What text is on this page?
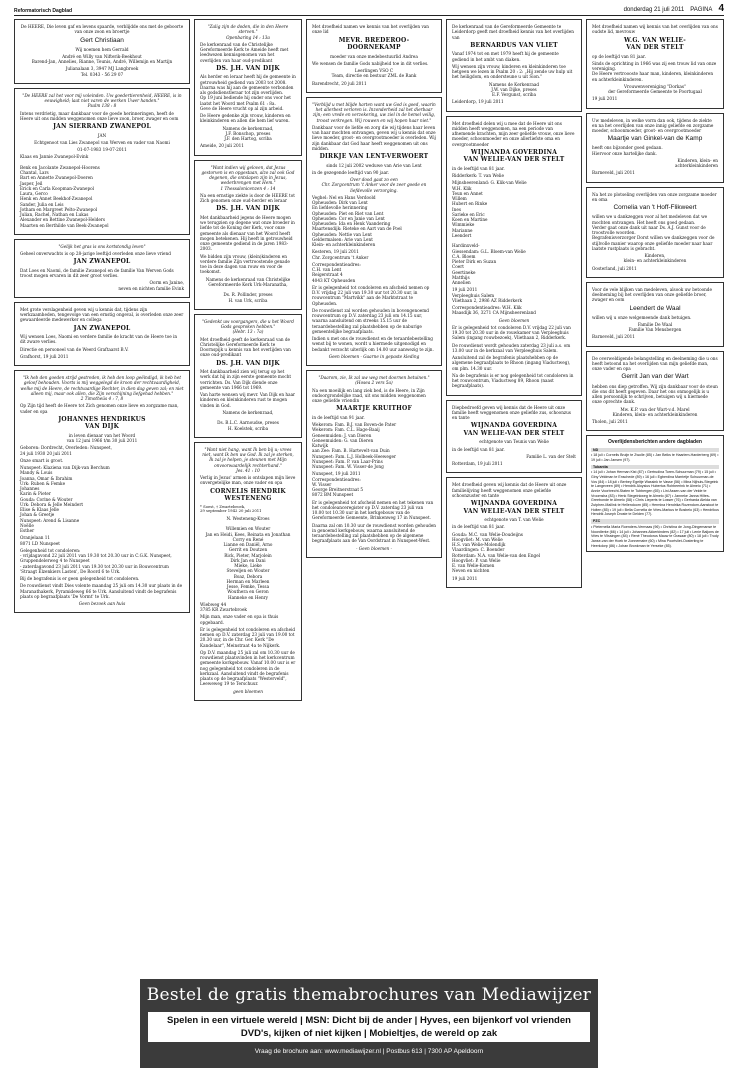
Reformatorisch Dagblad	donderdag 21 juli 2011 PAGINA 4

De HEERE, Die leven gaf en levens spaarde, verblijdde ons met de geboorte van onze zoon en broertje

Gert Christiaan

Wij noemen hem Gerrald

André en Willy van Nifterik-Beekhout
Barend-Jan, Annelies, Rianne, Teunis, André, Willemijn en Martijn

Julianalaan 3, 3947 MJ Langbroek
Tel. 0343 - 56 29 07

"De HEERE zal het voor mij voleinden. Uw goedertierenheid, HEERE, is in eeuwigheid; laat niet varen de werken Uwer handen."
Psalm 138 : 8

Intens verdrietig, maar dankbaar voor de goede herinneringen, heeft de Heere uit ons midden weggenomen onze lieve zoon, broer, zwager en oom

JAN SIERRAND ZWANEPOL

JAN

Echtgenoot van Lies Zwanepol van Werven en vader van Naomi

01-07-1983 19-07-2011

Klaas en Jannie Zwanepol-Evink

Benk en Jacolante Zwanepol-Hoorens
Chantal, Lars
Bart en Annette Zwanepol-Doeren
Jasper, Jeil
Erick en Carla Koopman-Zwanepol
Laura, Gerco
Henk en Annet Beekhof-Zwanepol
Sander, Julia en Leis
Jotham en Margreet Pelto-Zwanepol
Julian, Rachel, Nathan en Lukas
Alexander en Bettine Zwanepol-Helders
Maarten en Berthilde van Beek-Zwanepol

"Gelijk het gras is ons kortstondig leven"

Geheel onverwachts is op 28-jarige leeftijd overleden onze lieve vriend

JAN ZWANEPOL

Dat Loes en Naomi, de familie Zwanepol en de familie Van Werven Gods troost mogen ervaren in dit zeer groot verlies.

Oorm en Janine,
neven en nichten familie Evink

Met grote verslagenheid geven wij u kennis dat, tijdens zijn werkzaamheden, tengevolge van een ernstig ongeval, is overleden onze zeer gewaardeerde medewerker en collega

JAN ZWANEPOL

Wij wensen Loes, Naomi en verdere familie de kracht van de Heere toe in dit zware verlies.

Directie en personeel van de Weerd Graftaarst B.V.

Grafhorst, 19 juli 2011

"Ik heb den goeden strijd gestreden, ik heb den loop geëindigd, ik heb het geloof behouden. Voorts is mij weggelegd de kroon der rechtvaardigheid, welke mij de Heere, de rechtvaardige Rechter, in dien dag geven zal; en niet alleen mij, maar ook allen, die Zijn verschijning liefgehad hebben."
2 Timotheüs 4 : 7, 8

Op Zijn tijd heeft de Heere tot Zich genomen onze lieve en zorgzame man, vader en opa

JOHANNES HENDRIKUS
VAN DIJK

in leven dienaar van het Woord
van 12 juni 1966 t/m 30 juli 2011

Geboren: Dordrecht, Overleden: Nunspeet,
24 juli 1930 20 juli 2011

Onze smart is groot.

Nunspeet: Klaziena van Dijk-van Berchum
Mandy & Louis
Joanna, Omar & Ibrahim
Urk: Ruben & Femke
Johannes
Karin & Pieter
Gouda: Corine & Wouter
Urk: Debora & Jelle Meindert
Elise & Klaas Jelle
Johan & Greetje
Nunspeet: Arend & Lisanne
Noëlle
Esther

Oranjelaan 11
8071 LD Nunspeet

Gelegenheid tot condoleren:
- vrijdagavond 22 juli 2011 van 19.30 tot 20.30 uur in C.G.K. Nunspeet, Gruppendelerweg 4 te Nunspeet
- zaterdagavond 23 juli 2011 van 19.30 tot 20.30 uur in Bouwcentrum 'Straagt Elzenkiers Lasten', De Roord 6 te Urk.

Bij de begrafenis is er geen gelegenheid tot condoleren.

De rouwdienst vindt Dies volente maandag 25 juli om 14.30 uur plaats in de Maranathakerk, Pyramideweg 66 te Urk. Aansluitend vindt de begrafenis plaats op begraafplaats 'De Vormt' te Urk.

Geen bezoek aan huis

"Zalig zijn de doden, die in den Heere sterven."
Openbaring 14 : 13a

De kerkenraad van de Christelijke Gereformeerde Kerk te Ameide heeft met leedwezen kennisgenomen van het overlijden van haar oud-predikant

DS. J.H. VAN DIJK

Als herder en leraar heeft hij de gemeente in getrouwheid gediend van 2003 tot 2008. Daarna was hij aan de gemeente verbonden als godsdienstleraar tot zijn overlijden.
Op 19 juni bediende hij onder ons voor het laatst het Woord met Psalm 61 : 8a.
Geve de Heere vrucht op al zijn arbeid.

De Heere gedenke zijn vrouw, kinderen en kleinkinderen en allen die hem lief waren.

Namens de kerkenraad,
J.F. Bonschop, preses
J.F. den Hartog, scriba

Ameide, 20 juli 2011

"Want indien wij geloven, dat Jezus gestorven is en opgestaan, alzo zal ook God degenen, die ontslapen zijn in Jezus, wederbrengen met Hem."
1 Thessalonicenzen 4 : 14

Na een ernstige ziekte is door de HEERE tot Zich genomen onze oud-herder en leraar

DS. J.H. VAN DIJK

Met dankbaarheid jegens de Heere mogen we terugzien op degene wat onze broeder in liefde tot de Koning der Kerk, voor onze gemeente als dienaar van het Woord heeft mogen betekenen. Hij heeft in getrouwheid onze gemeente gediend in de jaren 1983-2003.

We bidden zijn vrouw, (klein)kinderen en verdere familie Zijn vertroostende genade toe in deze dagen van rouw en voor de toekomst.

Namens de kerkenraad van Christelijke Gereformeerde Kerk Urk-Maranatha,

Ds. R. Pollinder, preses
H. van Urk, scriba

"Gedenkt uw voorgangers, die u het Woord Gods gesproken hebben."
(Hebr. 13 : 7a)

Met droefheid geeft de kerkenraad van de Christelijke Gereformeerde Kerk te Doornspijk u kennis van het overlijden van onze oud-predikant

DS. J.H. VAN DIJK

Met dankbaarheid zien wij terug op het werk dat hij in zijn eerste gemeente mocht verrichten. Ds. Van Dijk diende onze gemeente van 1966 tot 1969.

Van harte wensen wij mevr. Van Dijk en haar kinderen en kleinkinderen rust te mogen vinden in God.

Namens de kerkenraad,

Ds. B.L.C. Aarnoudse, preses
H. Koelstek, scriba

"Want niet hang, want Ik ben bij u; vrees niet, want Ik ben uw God. Ik zal je sterken, Ik zal je helpen, je steunen met Mijn onvoorwaardelijk rechterhand."
Jes. 41 : 10

Verlig in Jezus' armen is ontslapen mijn lieve onvergetelijke man, onze vader en opa

CORNELIS HENDRIK
WESTENENG

* Soest, † Zwartebroek,
29 september 1942 20 juli 2011

N. Westeneng-Kroes

Willemien en Wouter
Jan en Heidi, Kees, Reinata en Jonathan
Corry en René
Lianne en Daniël, Arno
Gerrit en Doutzen
Rick, Pieter, Marjolein
Dirk Jan en Dani
Mieke, Lieke
Steveljen en Wouter
Boaz, Debora
Herman en Marleen
Jesse, Femke, Tessa
Wouthera en Geron
Hanneke en Henry

Wiebweg 44
3785 KR Zwartebroek

Mijn man, onze vader en opa is thuis opgebaard.

Er is gelegenheid tot condoleren en afscheid nemen op D.V. zaterdag 23 juli van 19.00 tot 20.30 uur, in de Chr. Ger. Kerk "De Kandelaar", Meinstraat 4a te Nijkerk.

Op D.V. maandag 25 juli zal om 10.30 uur de rouwdienst plaatsvinden in het kerkcentrum gemeente korkgebouw. Vanaf 10.00 uur is er nog gelegenheid tot condoleren in de kerkzaal. Aansluitend vindt de begrafenis plaats op de begraafplaats "Westerveld", Leeweweg 19 te Terschuur.

geen bloemen

Met droefheid namen we kennis van het overlijden van onze lid

MEVR. BREDEROO-
DOORNEKAMP

moeder van onze medebestuurlid Andrea

We wensen de familie Gods nabijheid toe in dit verlies.

Leerlingen VSO C
Team, directie en bestuur ZML de Rank

Barendrecht, 20 juli 2011

"Verblijd u met blijde harten want uw God is goed, waarin het allerbest verloren is. Inzonderheid zal het dierbaar zijn; een vrede en verzekering, uw ziel in de hemel veilig, troost verkregen. Wij rouwen en wij hopen haar niet."

Dankbaar voor de liefde en zorg die wij tijdens haar leven van haar mochten ontvangen, geven wij u kennis dat onze lieve moeder, groot- en overgrootmoeder is overleden. Wij zijn dankbaar dat God haar heeft weggenomen uit ons midden.

DIRKJE VAN LENT-VERWOERT

sinds 12 juli 2002 weduwe van Arie van Lent

in de gezegende leeftijd van 90 jaar.

Over dood gaat zo een
Chr. Zorgcentrum 't Anker voor de zeer goede en liefdevolle verzorging.

Veghel: Nel en Hans Verdoold
Opheusden: Dirk van Lent
En liefdevolle herinnering
Opheusden: Piet en Riet van Lent
Opheusden: Cor en Janie van Lent
Opheusden: Ida en Henk Vaandering
Maartensdijk: Rieteke en Aart van de Poel
Opheusden: Nettie van Lent
Geldermalsen: Arie van Lent
Klein- en achterkleinkinderen

Kesteren, 19 juli 2011
Chr. Zorgcentrum 't Anker

Correspondentieadres:
C.H. van Lent
Reigerstraat 4
4043 KT Opheusden

Er is gelegenheid tot condoleren en afscheid nemen op D.V. vrijdag 22 juli van 19.30 uur tot 20.30 uur, in rouwcentrum "Martvikk" aan de Marktstraat te Opheusden.

De rouwdienst zal worden gehouden in bovengenoemd rouwcentrum op D.V. zaterdag 23 juli om 14.15 uur, waarna aansluitend om streeks 15.15 uur de teraardebestelling zal plaatshebben op de naburige gemeentelijke begraafplaats.

Indien u met ons de rouwdienst en de teraardebestelling wenst bij te wonen, wordt u hiermede uitgenodigd en bedankt verzocht uiterlijk om 14.00 uur aanwezig te zijn.

Geen bloemen - Gaarne in gepaste kleding

"Daarom, zie, Ik zal uw weg met doornen betuinen."
(Hosea 2 vers 5a)

Na een moeilijk en lang ziek bed, is de Heere, in Zijn ondoorgrondelijke raad, uit ons midden weggenomen onze geliefde vriendin

MAARTJE KRUITHOF

in de leeftijd van 91 jaar.

Wekerom: Fam. B.J. van Boven-de Pater
Wekerom: Fam. C.L. Hage-Baaij
Geneemuiden: J. van Dieren
Geneemuiden: G. van Dieren
Katwijk
aan Zee: Fam. B. Hartevelt-van Duin
Nunspeet: Fam. L.J. Holbeek-Heeweger
Nunspeet: Fam. P. van Laar-Prins
Nunspeet: Fam. W. Visser-de Jong

Nunspeet, 19 juli 2011
Correspondentieadres:
W. Visser
George Breitnerstraat 5
8072 BM Nunspeet

Er is gelegenheid tot afscheid nemen en het tekenen van het condoleanceregister op D.V. zaterdag 23 juli van 10.00 tot 10.30 uur in het kerkgebouw van de Gereformeerde Gemeente, Brinkenweg 17 in Nunspeet.

Daarna zal om 10.30 uur de rouwdienst worden gehouden in genoemd kerkgebouw, waarna aansluitend de teraardebestelling zal plaatshebben op de algemene begraafplaats aan de Van Oordstraat in Nunspeet-West.

- Geen bloemen -

De kerkenraad van de Gereformeerde Gemeente te Leiderdorp geeft met droefheid kennis van het overlijden van

BERNARDUS VAN VLIET

Vanaf 1974 tot en met 1979 heeft hij de gemeente gediend in het ambt van diaken.

Wij wensen zijn vrouw, kinderen en kleinkinderen toe hetgeen we lezen in Psalm 20 : 2: „Hij zende uw hulp uit het heiligdom, en ondersteune u uit Sion."

Namens de Kerkenraad
J.W. van Dijke, preses
E.F. Vergunst, scriba

Leiderdorp, 19 juli 2011

Met droefheid delen wij u mee dat de Heere uit ons midden heeft weggenomen, na een periode van afnemende krachten, mijn zeer geliefde vrouw, onze lieve moeder, schoonmoeder en onze allerliefste oma en overgrootmoeder

WIJNANDA GOVERDINA
VAN WELIE-VAN DER STELT

in de leeftijd van 81 jaar.

Ridderkerk: T. van Welie

Mijnsheerenland: G. Klik-van Welie
W.H. Klik
Teun en Annet
Willem
Hubert en Rinke
Ines
Sarieke en Eric
Koen en Martine
Wimmieke
Marianne
Leendert

Hardinxveld-
Giessendam: G.L. Bloem-van Welie
C.A. Bloem
Pieter Dirk en Suzan
Coert
Geertineke
Matthijs
Annelien

19 juli 2011
Verpleeghuis Salem
Vliethaan 2, 2986 AZ Ridderkerk

Correspondentieadres: W.H. Klik
Maasdijk 36, 3271 CA Mijnsheerenland

Geen bloemen

Er is gelegenheid tot condoleren D.V. vrijdag 22 juli van 19.30 tot 20.30 uur in de rouwkamer van Verpleeghuis Salem (ingang rouwbezoek), Vliethaan 2, Ridderkerk.

De rouwdienst wordt gehouden zaterdag 23 juli a.s. om 13.00 uur in de kerkzaal van Verpleeghuis Salem.

Aansluitend zal de begrafenis plaatshebben op de algemene begraafplaats te Rhoon (ingang Viaductweg), om plm. 14.30 uur.

Na de begrafenis is er nog gelegenheid tot condoleren in het rouwcentrum, Viaductweg 89, Rhoon (naast begraafplaats).

Diepbedroefd geven wij kennis dat de Heere uit onze familie heeft weggenomen onze geliefde zus, schoonzus en tante

WIJNANDA GOVERDINA
VAN WELIE-VAN DER STELT

echtgenote van Teunis van Welie

in de leeftijd van 81 jaar.

Familie L. van der Stelt

Rotterdam, 19 juli 2011

Met droefheid geven wij kennis dat de Heere uit onze familielijving heeft weggenomen onze geliefde schoonzuster en tante

WIJNANDA GOVERDINA
VAN WELIE-VAN DER STELT

echtgenote van T. van Welie

in de leeftijd van 81 jaar.

Gouda: M.C. van Welie-Doudeijns
Hoogvliet: M. van Welie
H.S. van Welie-Molendijk
Vlaardingen: C. Boender
Rotterdam: N.A. van Welie-van den Engel
Hoogvliet: P. van Welie
E. van Welie-Komen
Neven en nichten

19 juli 2011

Met droefheid namen wij kennis van het overlijden van ons oudste lid, mevrouw

W.G. VAN WELIE-
VAN DER STELT

op de leeftijd van 81 jaar.

Sinds de oprichting in 1966 was zij een trouw lid van onze vereniging.
De Heere vertroooste haar man, kinderen, kleinkinderen en achterkleinkinderen.

Vrouwenvereniging "Dorkas"
der Gereformeerde Gemeente te Poortugaal

19 juli 2011

Uw medeleven, in welke vorm dan ook, tijdens de ziekte en na het overlijden van onze innig geliefde en zorgzame moeder, schoonmoeder, groot- en overgrootmoeder

Maartje van Ginkel-van de Kamp

heeft ons bijzonder goed gedaan.
Hiervoor onze hartelijke dank.

Kinderen, klein- en
achterkleinkinderen

Barneveld, juli 2011

Na het zo plotseling overlijden van onze zorgzame moeder en oma

Cornelia van 't Hoff-Flikweert

willen we u dankzeggen voor al het medeleven dat we mochten ontvangen. Het heeft ons goed gedaan.
Verder gaat onze dank uit naar Ds. A.J. Gunst voor de troostvolle woorden.
Begrafenisverzorger Dorst willen we dankzeggen voor de stijlvolle manier waarop onze geliefde moeder naar haar laatste rustplaats is gebracht.

Kinderen,
klein- en achterkleinkinderen

Oosterland, juli 2011

Voor de vele blijken van medeleven, alsook uw betoonde deelneming bij het overlijden van onze geliefde broer, zwager en oom

Leendert de Waal

willen wij u onze welgemeende dank betuigen.

Familie De Waal
Familie Van Mensbergen

Barneveld, juli 2011

De overweldigende belangstelling en deelneming die u ons heeft betoond na het overlijden van mijn geliefde man, onze vader en opa

Gerrit Jan van der Wart

hebben ons diep getroffen. Wij zijn dankbaar voor de steun die ons dit heeft gegeven. Daar het ons onmogelijk is u allen persoonlijk te schrijven, betuigen wij u hiermede onze oprechte dank.

Mw. K.P. van der Wart-v.d. Marel
Kinderen, klein- en achterkleinkinderen

Tholen, juli 2011

Overlijdensberichten andere dagbladen

ND

• 18 juli • Cornelis Bruijn te Zwolle (85) • Jan Beiks te Haarlem-Harderberg (69) • 19 juli • Jan Jansen (97).

Tubantia

• 14 juli • Johan Herman Kist (87) • Gertrudina Toren-Schuurman (79) • 15 juli • Giny Veldman te Enschede (89) • 16 juli • Egberdina Marrietje Schuurman-de Vos (84) • 18 juli • Berbey Egeltje Wassink te Vasse (56) • Mina Nijhuis-Stegeink te Langeveen (89) • Hendrik Aloysius Hubertus Rohbeerink te Almelo (71) • Annie Voorbrecht-Staten te Tubbergen (65) • Lini Assen-van der Velde te Vroomsha (83) • Henk Stegeinkweg te Almelo (87) • Janneke Janna Hiltes-Greebonde te Almelo (58) • Chris Lieperts te Losser (76) • Gerharda Alelda van Zutphen-Mallink te Hellendoorn (85) • Hermina Hendrika Rozendom-Aanstoot te Holten (85) • 19 juli • Bella Cornelia de Vries-Markus te Bosbelo (63) • Hendrikus Hendrik Joseph Droste te Delden (77).

PZC

• Pieternella Maria Roenders-Vermaas (96) • Christina de Jong-Dingemanse te Noordlerke (66) • 14 juli • Johannes Akkerkinders (82) • 17 juli • Lenie Baljons de Vries te Vlissingen (84) • René Theodorus Mauw te Grasaar (80) • 18 juli • Trudy Janse-van der Hoek te Zonnemaire (60) • Mina Poortvliet-Oosterling te Heerkdorp (86) • Johan Bronkman te Yerseke (85).

Bestel de gratis themabrochures van Mediawijzer
Spelen in een virtuele wereld | MSN: Dicht bij de ander | Hyves, een bijenkorf vol vrienden
DVD's, kijken of niet kijken | Mobieltjes, de wereld op zak
Vraag de brochure aan: www.mediawijzer.nl | Postbus 613 | 7300 AP Apeldoorn
